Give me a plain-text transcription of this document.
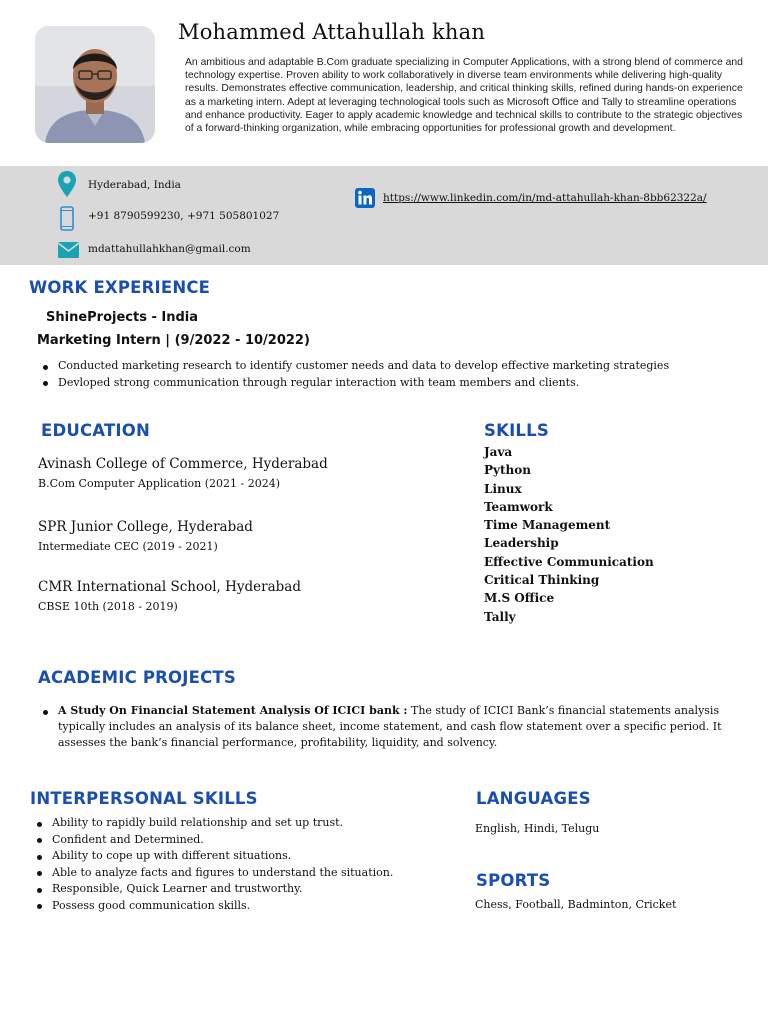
Mohammed Attahullah khan
An ambitious and adaptable B.Com graduate specializing in Computer Applications, with a strong blend of commerce and technology expertise. Proven ability to work collaboratively in diverse team environments while delivering high-quality results. Demonstrates effective communication, leadership, and critical thinking skills, refined during hands-on experience as a marketing intern. Adept at leveraging technological tools such as Microsoft Office and Tally to streamline operations and enhance productivity. Eager to apply academic knowledge and technical skills to contribute to the strategic objectives of a forward-thinking organization, while embracing opportunities for professional growth and development.
Hyderabad, India
+91 8790599230, +971 505801027
mdattahullahkhan@gmail.com
https://www.linkedin.com/in/md-attahullah-khan-8bb62322a/
WORK EXPERIENCE
ShineProjects - India
Marketing Intern | (9/2022 - 10/2022)
Conducted marketing research to identify customer needs and data to develop effective marketing strategies
Devloped strong communication through regular interaction with team members and clients.
EDUCATION
Avinash College of Commerce, Hyderabad
B.Com Computer Application (2021 - 2024)
SPR Junior College, Hyderabad
Intermediate CEC (2019 - 2021)
CMR International School, Hyderabad
CBSE 10th (2018 - 2019)
SKILLS
Java
Python
Linux
Teamwork
Time Management
Leadership
Effective Communication
Critical Thinking
M.S Office
Tally
ACADEMIC PROJECTS
A Study On Financial Statement Analysis Of ICICI bank : The study of ICICI Bank’s financial statements analysis typically includes an analysis of its balance sheet, income statement, and cash flow statement over a specific period. It assesses the bank’s financial performance, profitability, liquidity, and solvency.
INTERPERSONAL SKILLS
Ability to rapidly build relationship and set up trust.
Confident and Determined.
Ability to cope up with different situations.
Able to analyze facts and figures to understand the situation.
Responsible, Quick Learner and trustworthy.
Possess good communication skills.
LANGUAGES
English, Hindi, Telugu
SPORTS
Chess, Football, Badminton, Cricket
